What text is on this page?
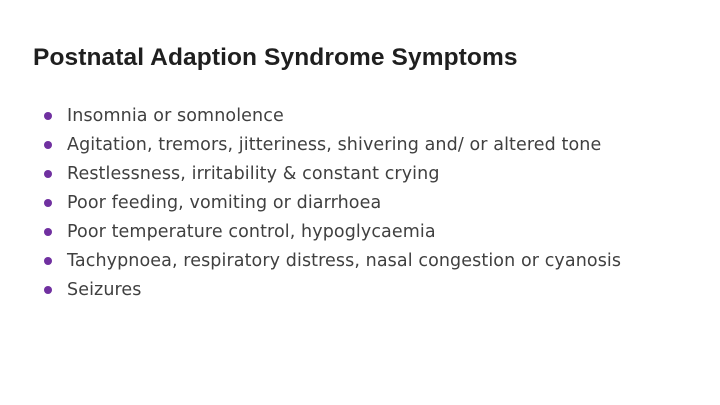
Postnatal Adaption Syndrome Symptoms
Insomnia or somnolence
Agitation, tremors, jitteriness, shivering and/ or altered tone
Restlessness, irritability & constant crying
Poor feeding, vomiting or diarrhoea
Poor temperature control, hypoglycaemia
Tachypnoea, respiratory distress, nasal congestion or cyanosis
Seizures
